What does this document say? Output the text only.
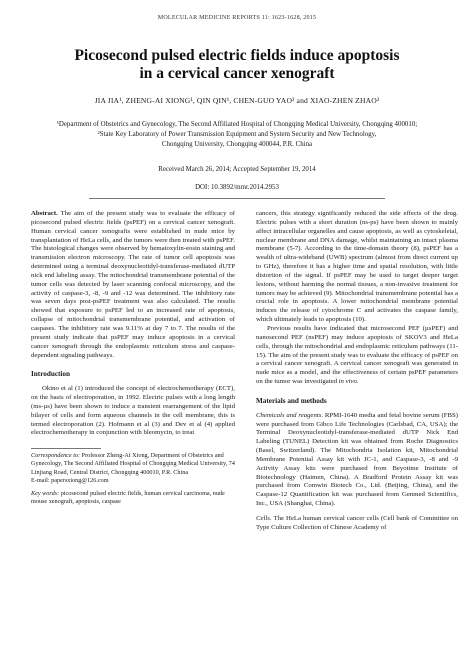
MOLECULAR MEDICINE REPORTS 11: 1623-1628, 2015
Picosecond pulsed electric fields induce apoptosis
in a cervical cancer xenograft
JIA JIA¹, ZHENG-AI XIONG¹, QIN QIN¹, CHEN-GUO YAO² and XIAO-ZHEN ZHAO²
¹Department of Obstetrics and Gynecology, The Second Affiliated Hospital of Chongqing Medical University, Chongqing 400010;
²State Key Laboratory of Power Transmission Equipment and System Security and New Technology,
Chongqing University, Chongqing 400044, P.R. China
Received March 26, 2014; Accepted September 19, 2014
DOI: 10.3892/mmr.2014.2953

Abstract. The aim of the present study was to evaluate the efficacy of picosecond pulsed electric fields (psPEF) on a cervical cancer xenograft. Human cervical cancer xenografts were established in nude mice by transplantation of HeLa cells, and the tumors were then treated with psPEF. The histological changes were observed by hematoxylin-eosin staining and transmission electron microscopy. The rate of tumor cell apoptosis was determined using a terminal deoxynucleotidyl-transferase-mediated dUTP nick end labeling assay. The mitochondrial transmembrane potential of the tumor cells was detected by laser scanning confocal microscopy, and the activity of caspase-3, -8, -9 and -12 was determined. The inhibitory rate was seven days post-psPEF treatment was also calculated. The results showed that exposure to psPEF led to an increased rate of apoptosis, collapse of mitochondrial transmembrane potential, and activation of caspases. The inhibitory rate was 9.11% at day 7 to 7. The results of the present study indicate that psPEF may induce apoptosis in a cervical cancer xenograft through the endoplasmic reticulum stress and caspase-dependent signaling pathways.

Introduction

Okino et al (1) introduced the concept of electrochemotherapy (ECT), on the basis of electroporation, in 1992. Electric pulses with a long length (ms-µs) have been shown to induce a transient rearrangement of the lipid bilayer of cells and form aqueous channels in the cell membrane, this is termed electroporation (2). Hofmann et al (3) and Dev et al (4) applied electrochemotherapy in conjunction with bleomycin, to treat

Correspondence to: Professor Zheng-Ai Xiong, Department of Obstetrics and Gynecology, The Second Affiliated Hospital of Chongqing Medical University, 74 Linjiang Road, Central District, Chongqing 400010, P.R. China

E-mail: papersxiong@126.com

Key words: picosecond pulsed electric fields, human cervical carcinoma, nude mouse xenograft, apoptosis, caspase

cancers, this strategy significantly reduced the side effects of the drug. Electric pulses with a short duration (ns-ps) have been shown to mainly affect intracellular organelles and cause apoptosis, as well as cytoskeletal, nuclear membrane and DNA damage, whilst maintaining an intact plasma membrane (5-7). According to the time-domain theory (8), psPEF has a wealth of ultra-wideband (UWB) spectrum (almost from direct current up to GHz), therefore it has a higher time and spatial resolution, with little distortion of the signal. If psPEF may be used to target deeper target lesions, without harming the normal tissues, a non-invasive treatment for tumors may be achieved (9). Mitochondrial transmembrane potential has a crucial role in apoptosis. A lower mitochondrial membrane potential induces the release of cytochrome C and activates the caspase family, which ultimately leads to apoptosis (10).

Previous results have indicated that microsecond PEF (µsPEF) and nanosecond PEF (nsPEF) may induce apoptosis of SKOV3 and HeLa cells, through the mitochondrial and endoplasmic reticulum pathways (11-15). The aim of the present study was to evaluate the efficacy of psPEF on a cervical cancer xenograft. A cervical cancer xenograft was generated in nude mice as a model, and the effectiveness of certain psPEF parameters on the tumor was investigated in vivo.

Materials and methods

Chemicals and reagents. RPMI-1640 media and fetal bovine serum (FBS) were purchased from Gibco Life Technologies (Carlsbad, CA, USA); the Terminal Deoxynucleotidyl-transferase-mediated dUTP Nick End Labeling (TUNEL) Detection kit was obtained from Roche Diagnostics (Basel, Switzerland). The Mitochondria Isolation kit, Mitochondrial Membrane Potential Assay kit with JC-1, and Caspase-3, -8 and -9 Activity Assay kits were purchased from Beyotime Institute of Biotechnology (Haimen, China). A Bradford Protein Assay kit was purchased from Comwin Biotech Co., Ltd. (Beijing, China), and the Caspase-12 Quantification kit was purchased from Genmed Scientifics, Inc., USA (Shanghai, China).

Cells. The HeLa human cervical cancer cells (Cell bank of Committee on Type Culture Collection of Chinese Academy of
